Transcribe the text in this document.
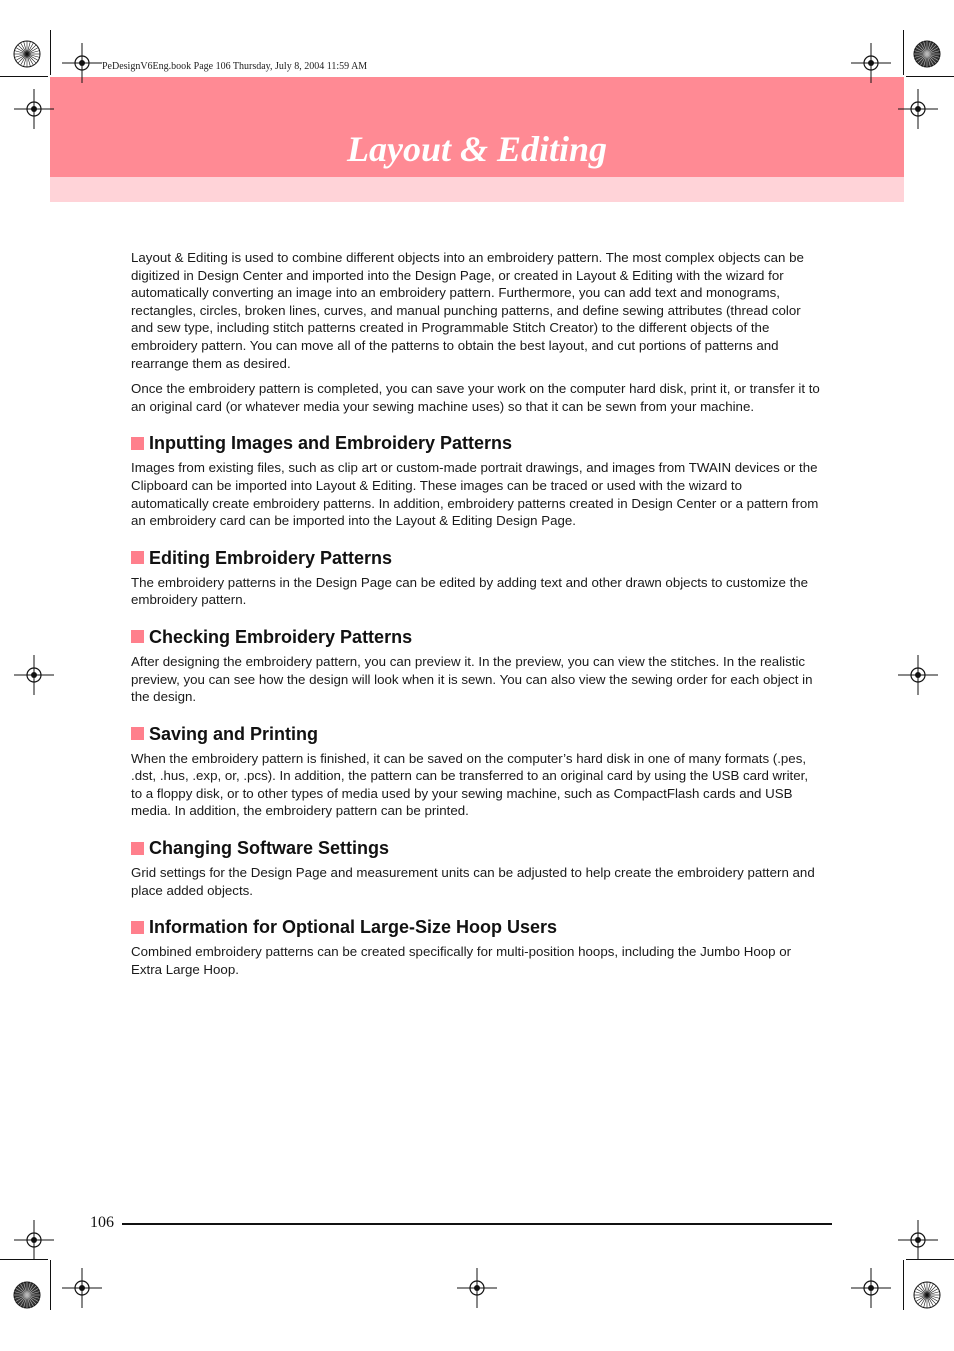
PeDesignV6Eng.book Page 106 Thursday, July 8, 2004 11:59 AM
Layout & Editing

Layout & Editing is used to combine different objects into an embroidery pattern. The most complex objects can be digitized in Design Center and imported into the Design Page, or created in Layout & Editing with the wizard for automatically converting an image into an embroidery pattern. Furthermore, you can add text and monograms, rectangles, circles, broken lines, curves, and manual punching patterns, and define sewing attributes (thread color and sew type, including stitch patterns created in Programmable Stitch Creator) to the different objects of the embroidery pattern. You can move all of the patterns to obtain the best layout, and cut portions of patterns and rearrange them as desired.

Once the embroidery pattern is completed, you can save your work on the computer hard disk, print it, or transfer it to an original card (or whatever media your sewing machine uses) so that it can be sewn from your machine.

Inputting Images and Embroidery Patterns

Images from existing files, such as clip art or custom-made portrait drawings, and images from TWAIN devices or the Clipboard can be imported into Layout & Editing. These images can be traced or used with the wizard to automatically create embroidery patterns. In addition, embroidery patterns created in Design Center or a pattern from an embroidery card can be imported into the Layout & Editing Design Page.

Editing Embroidery Patterns

The embroidery patterns in the Design Page can be edited by adding text and other drawn objects to customize the embroidery pattern.

Checking Embroidery Patterns

After designing the embroidery pattern, you can preview it. In the preview, you can view the stitches. In the realistic preview, you can see how the design will look when it is sewn. You can also view the sewing order for each object in the design.

Saving and Printing

When the embroidery pattern is finished, it can be saved on the computer’s hard disk in one of many formats (.pes, .dst, .hus, .exp, or, .pcs). In addition, the pattern can be transferred to an original card by using the USB card writer, to a floppy disk, or to other types of media used by your sewing machine, such as CompactFlash cards and USB media. In addition, the embroidery pattern can be printed.

Changing Software Settings

Grid settings for the Design Page and measurement units can be adjusted to help create the embroidery pattern and place added objects.

Information for Optional Large-Size Hoop Users

Combined embroidery patterns can be created specifically for multi-position hoops, including the Jumbo Hoop or Extra Large Hoop.

106
